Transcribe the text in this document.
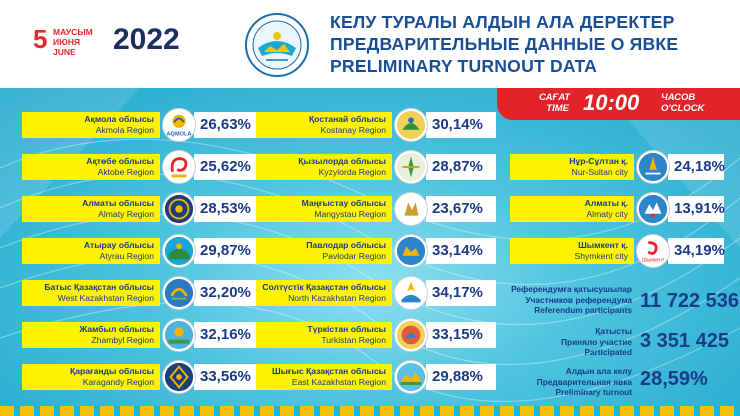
5 МАУСЫМ
ИЮНЯ
JUNE	2022
КЕЛУ ТУРАЛЫ АЛДЫН АЛА ДЕРЕКТЕР
ПРЕДВАРИТЕЛЬНЫЕ ДАННЫЕ О ЯВКЕ
PRELIMINARY TURNOUT DATA
САҒАТ
TIME 10:00 ЧАСОВ
O'CLOCK
Ақмола облысы
Akmola Region	26,63%
AQMOLA
Ақтөбе облысы
Aktobe Region	25,62%
Алматы облысы
Almaty Region	28,53%
Атырау облысы
Atyrau Region	29,87%
Батыс Қазақстан облысы
West Kazakhstan Region	32,20%
Жамбыл облысы
Zhambyl Region	32,16%
Қарағанды облысы
Karagandy Region	33,56%
Қостанай облысы
Kostanay Region	30,14%
Қызылорда облысы
Kyzylorda Region	28,87%
Маңғыстау облысы
Mangystau Region	23,67%
Павлодар облысы
Pavlodar Region	33,14%
Солтүстік Қазақстан облысы
North Kazakhstan Region	34,17%
Түркістан облысы
Turkistan Region	33,15%
Шығыс Қазақстан облысы
East Kazakhstan Region	29,88%
Нұр-Сұлтан қ.
Nur-Sultan city	24,18%
Алматы қ.
Almaty city	13,91%
Шымкент қ.
Shymkent city	34,19%
Шымкент
Референдумға қатысушылар
Участников референдума
Referendum participants 11 722 536
Қатысты
Приняло участие
Participated 3 351 425
Алдын ала келу
Предварительная явка
Preliminary turnout
28,59%
